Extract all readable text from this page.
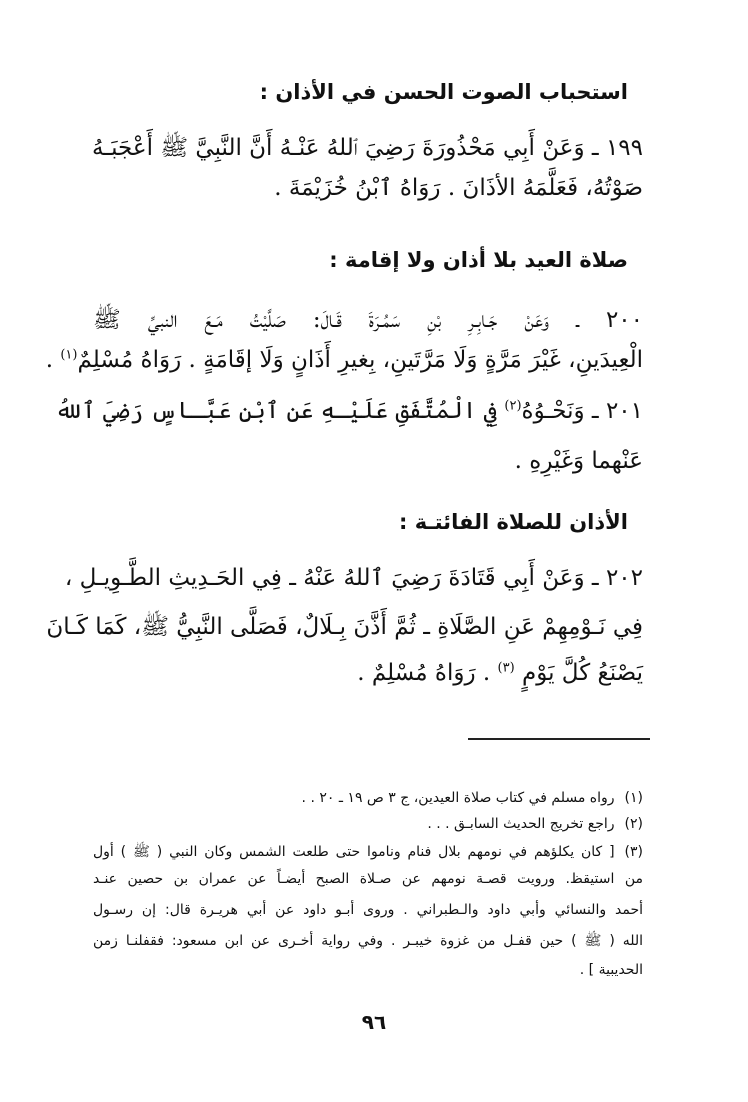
استحباب الصوت الحسن في الأذان :
١٩٩ ـ وَعَنْ أَبِي مَحْذُورَةَ رَضِيَ ٱللهُ عَنْـهُ أَنَّ النَّبِيَّ ﷺ أَعْجَبَـهُ
صَوْتُهُ، فَعَلَّمَهُ الأذَانَ . رَوَاهُ ٱبْنُ خُزَيْمَةَ .
صلاة العيد بلا أذان ولا إقامة :
٢٠٠ ـ وَعَنْ جَـابِـرِ بْنِ سَمُـرَةَ قَـالَ: صَلَّيْتُ مَـعَ النبيِّ ﷺ
الْعِيدَينِ، غَيْرَ مَرَّةٍ وَلَا مَرَّتَينِ، بِغيرِ أَذَانٍ وَلَا إقَامَةٍ . رَوَاهُ مُسْلِمٌ$^{(١)}$ .
٢٠١ ـ وَنَحْـوُهُ$^{(٢)}$ فِي الْمُتَّفَقِ عَلَيْـهِ عَنِ ٱبْنِ عَبَّـاسٍ رَضِيَ ٱللهُ
عَنْهما وَغَيْرِهِ .
الأذان للصلاة الفائتـة :
٢٠٢ ـ وَعَنْ أَبِي قَتَادَةَ رَضِيَ ٱللهُ عَنْهُ ـ فِي الحَـدِيثِ الطَّـوِيـلِ ،
فِي نَـوْمِهِمْ عَنِ الصَّلَاةِ ـ ثُمَّ أَذَّنَ بِـلَالٌ، فَصَلَّى النَّبِيُّ ﷺ، كَمَا كَـانَ
يَصْنَعُ كُلَّ يَوْمٍ $^{(٣)}$ . رَوَاهُ مُسْلِمٌ .
(١)رواه مسلم في كتاب صلاة العيدين، ج ٣ ص ١٩ ـ ٢٠ . .
(٢)راجع تخريج الحديث السابـق . . .
(٣)[ كان يكلؤهم في نومهم بلال فنام وناموا حتى طلعت الشمس وكان النبي ( ﷺ ) أول
من استيقظ. ورويت قصـة نومهم عن صـلاة الصبح أيضـاً عن عمران بن حصين عنـد
أحمد والنسائي وأبي داود والـطبراني . وروى أبـو داود عن أبي هريـرة قال: إن رسـول
الله ( ﷺ ) حين قفـل من غزوة خيبـر . وفي رواية أخـرى عن ابن مسعود: فقفلنـا زمن
الحديبية ] .
٩٦
